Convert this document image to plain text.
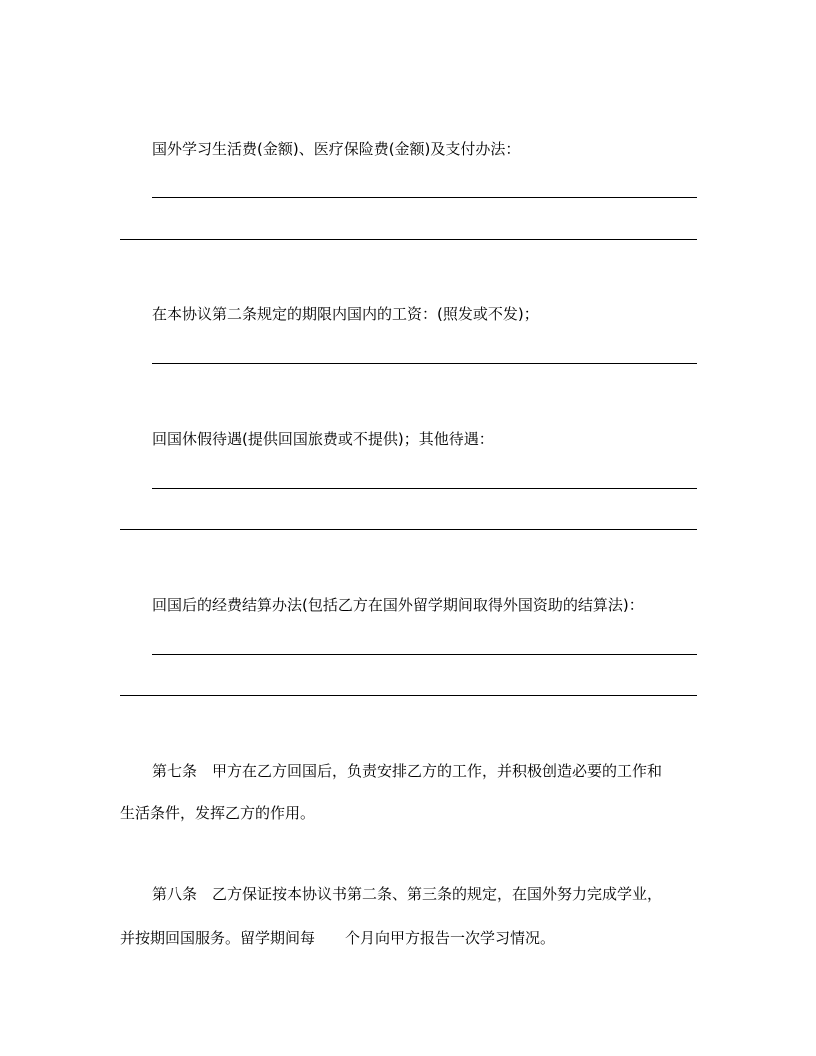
国外学习生活费(金额)、医疗保险费(金额)及支付办法：
在本协议第二条规定的期限内国内的工资：(照发或不发)；
回国休假待遇(提供回国旅费或不提供)；其他待遇：
回国后的经费结算办法(包括乙方在国外留学期间取得外国资助的结算法)：
第七条　甲方在乙方回国后，负责安排乙方的工作，并积极创造必要的工作和
生活条件，发挥乙方的作用。
第八条　乙方保证按本协议书第二条、第三条的规定，在国外努力完成学业，
并按期回国服务。留学期间每　　个月向甲方报告一次学习情况。
